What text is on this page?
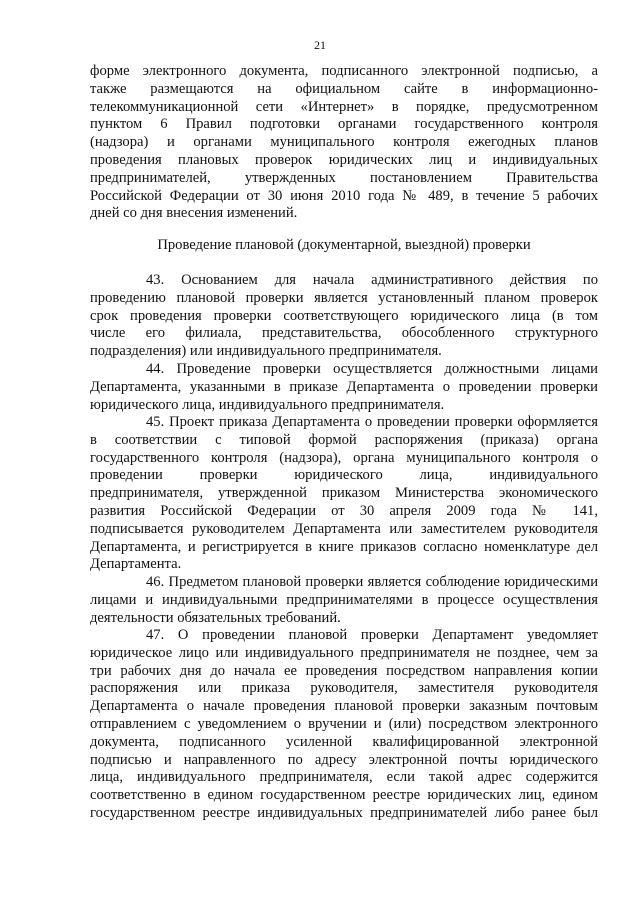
21
форме электронного документа, подписанного электронной подписью, а
также размещаются на официальном сайте в информационно-
телекоммуникационной сети «Интернет» в порядке, предусмотренном
пунктом 6 Правил подготовки органами государственного контроля
(надзора) и органами муниципального контроля ежегодных планов
проведения плановых проверок юридических лиц и индивидуальных
предпринимателей, утвержденных постановлением Правительства
Российской Федерации от 30 июня 2010 года № 489, в течение 5 рабочих
дней со дня внесения изменений.
Проведение плановой (документарной, выездной) проверки
43. Основанием для начала административного действия по
проведению плановой проверки является установленный планом проверок
срок проведения проверки соответствующего юридического лица (в том
числе его филиала, представительства, обособленного структурного
подразделения) или индивидуального предпринимателя.
44. Проведение проверки осуществляется должностными лицами
Департамента, указанными в приказе Департамента о проведении проверки
юридического лица, индивидуального предпринимателя.
45. Проект приказа Департамента о проведении проверки оформляется
в соответствии с типовой формой распоряжения (приказа) органа
государственного контроля (надзора), органа муниципального контроля о
проведении проверки юридического лица, индивидуального
предпринимателя, утвержденной приказом Министерства экономического
развития Российской Федерации от 30 апреля 2009 года № 141,
подписывается руководителем Департамента или заместителем руководителя
Департамента, и регистрируется в книге приказов согласно номенклатуре дел
Департамента.
46. Предметом плановой проверки является соблюдение юридическими
лицами и индивидуальными предпринимателями в процессе осуществления
деятельности обязательных требований.
47. О проведении плановой проверки Департамент уведомляет
юридическое лицо или индивидуального предпринимателя не позднее, чем за
три рабочих дня до начала ее проведения посредством направления копии
распоряжения или приказа руководителя, заместителя руководителя
Департамента о начале проведения плановой проверки заказным почтовым
отправлением с уведомлением о вручении и (или) посредством электронного
документа, подписанного усиленной квалифицированной электронной
подписью и направленного по адресу электронной почты юридического
лица, индивидуального предпринимателя, если такой адрес содержится
соответственно в едином государственном реестре юридических лиц, едином
государственном реестре индивидуальных предпринимателей либо ранее был
